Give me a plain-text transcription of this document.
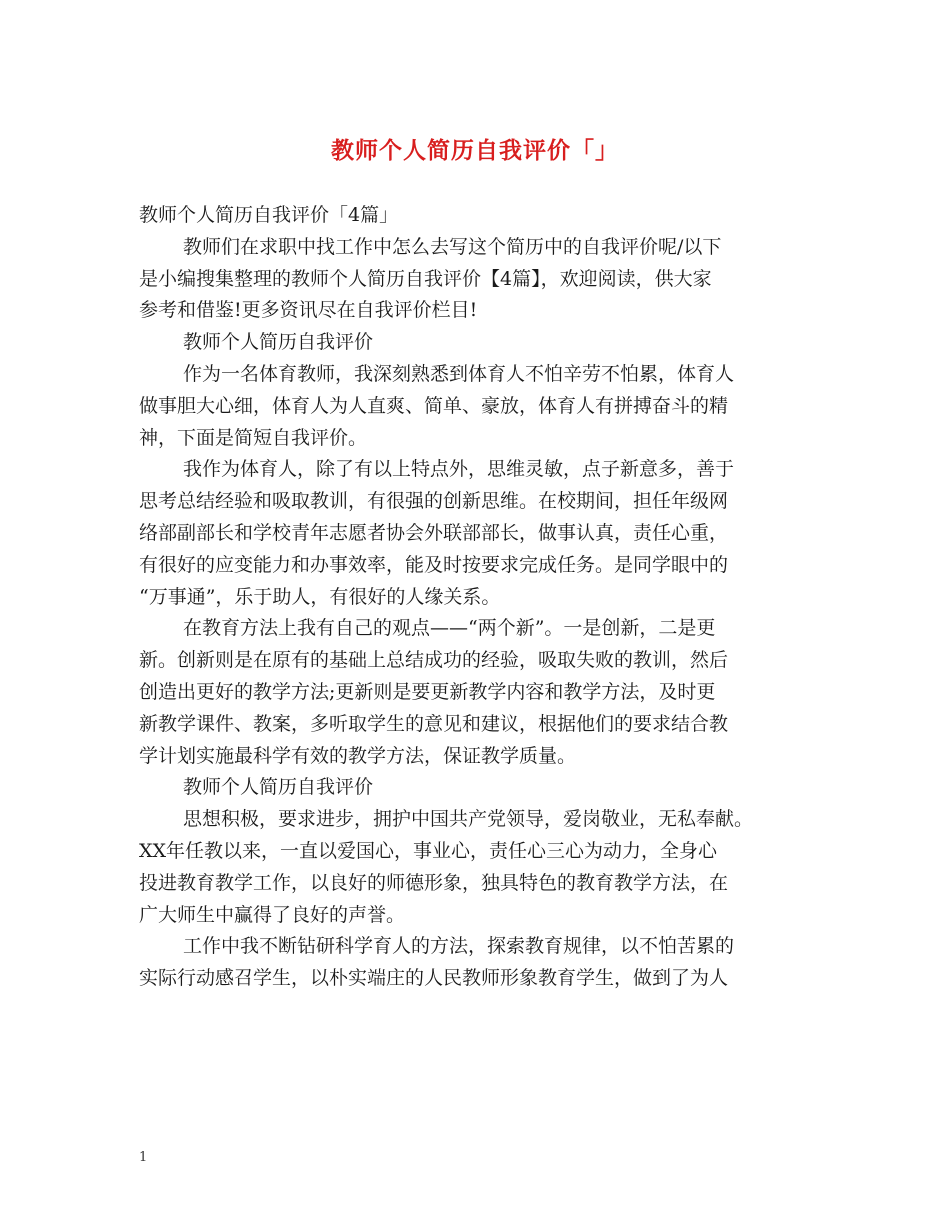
教师个人简历自我评价「」
教师个人简历自我评价「4篇」
教师们在求职中找工作中怎么去写这个简历中的自我评价呢/以下
是小编搜集整理的教师个人简历自我评价【4篇】，欢迎阅读，供大家
参考和借鉴!更多资讯尽在自我评价栏目!
教师个人简历自我评价
作为一名体育教师，我深刻熟悉到体育人不怕辛劳不怕累，体育人
做事胆大心细，体育人为人直爽、简单、豪放，体育人有拼搏奋斗的精
神，下面是简短自我评价。
我作为体育人，除了有以上特点外，思维灵敏，点子新意多，善于
思考总结经验和吸取教训，有很强的创新思维。在校期间，担任年级网
络部副部长和学校青年志愿者协会外联部部长，做事认真，责任心重，
有很好的应变能力和办事效率，能及时按要求完成任务。是同学眼中的
“万事通”，乐于助人，有很好的人缘关系。
在教育方法上我有自己的观点——“两个新”。一是创新，二是更
新。创新则是在原有的基础上总结成功的经验，吸取失败的教训，然后
创造出更好的教学方法;更新则是要更新教学内容和教学方法，及时更
新教学课件、教案，多听取学生的意见和建议，根据他们的要求结合教
学计划实施最科学有效的教学方法，保证教学质量。
教师个人简历自我评价
思想积极，要求进步，拥护中国共产党领导，爱岗敬业，无私奉献。
XX年任教以来，一直以爱国心，事业心，责任心三心为动力，全身心
投进教育教学工作，以良好的师德形象，独具特色的教育教学方法，在
广大师生中赢得了良好的声誉。
工作中我不断钻研科学育人的方法，探索教育规律，以不怕苦累的
实际行动感召学生，以朴实端庄的人民教师形象教育学生，做到了为人
1
